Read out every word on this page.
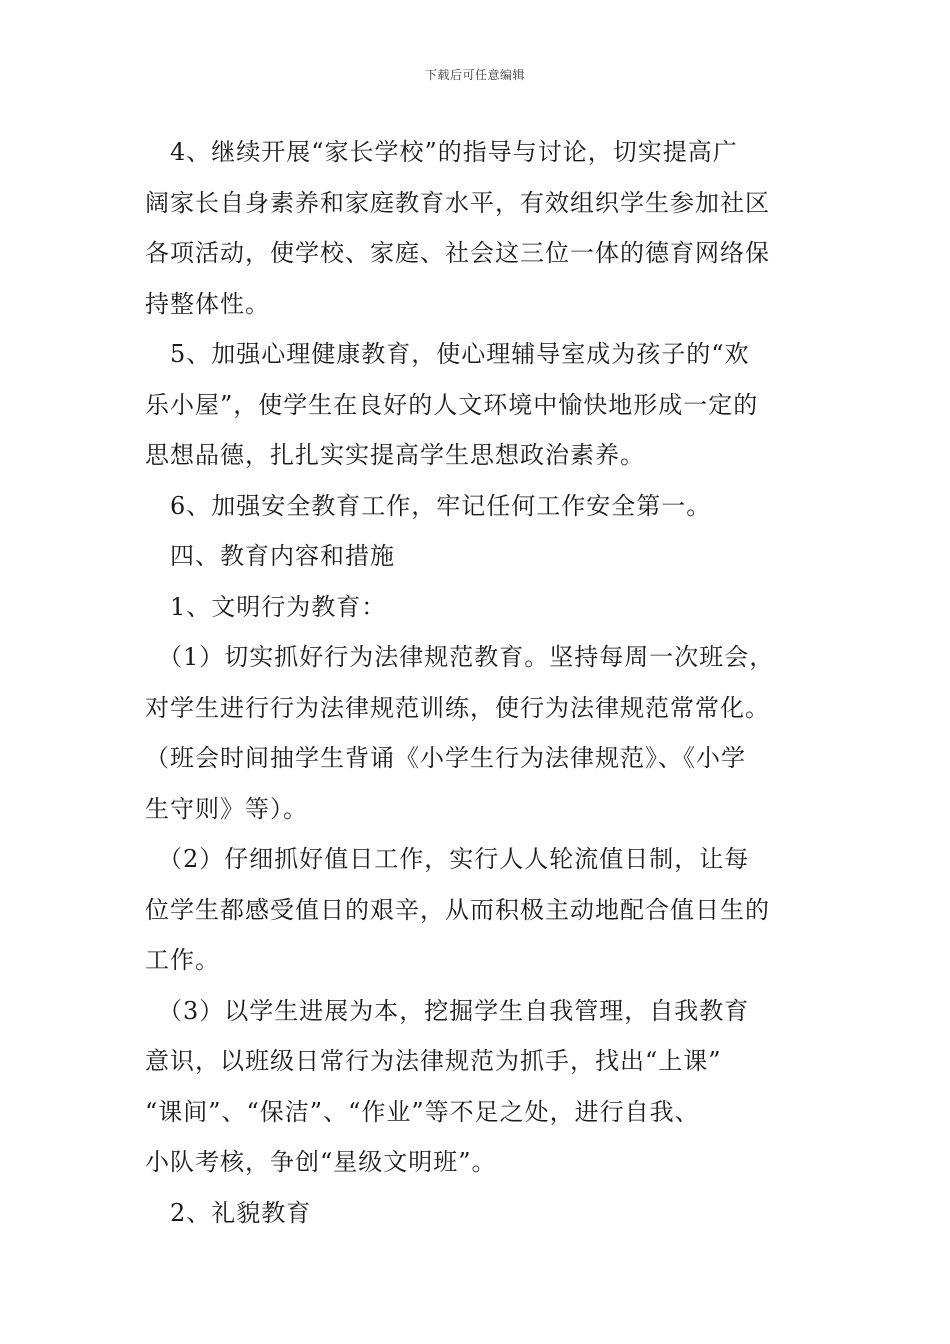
下载后可任意编辑
　4、继续开展“家长学校”的指导与讨论，切实提高广
阔家长自身素养和家庭教育水平，有效组织学生参加社区
各项活动，使学校、家庭、社会这三位一体的德育网络保
持整体性。
　5、加强心理健康教育，使心理辅导室成为孩子的“欢
乐小屋”，使学生在良好的人文环境中愉快地形成一定的
思想品德，扎扎实实提高学生思想政治素养。
　6、加强安全教育工作，牢记任何工作安全第一。
　四、教育内容和措施
　1、文明行为教育：
　（1）切实抓好行为法律规范教育。坚持每周一次班会，
对学生进行行为法律规范训练，使行为法律规范常常化。
（班会时间抽学生背诵《小学生行为法律规范》、《小学
生守则》等）。
　（2）仔细抓好值日工作，实行人人轮流值日制，让每
位学生都感受值日的艰辛，从而积极主动地配合值日生的
工作。
　（3）以学生进展为本，挖掘学生自我管理，自我教育
意识，以班级日常行为法律规范为抓手，找出“上课”
“课间”、“保洁”、“作业”等不足之处，进行自我、
小队考核，争创“星级文明班”。
　2、礼貌教育
